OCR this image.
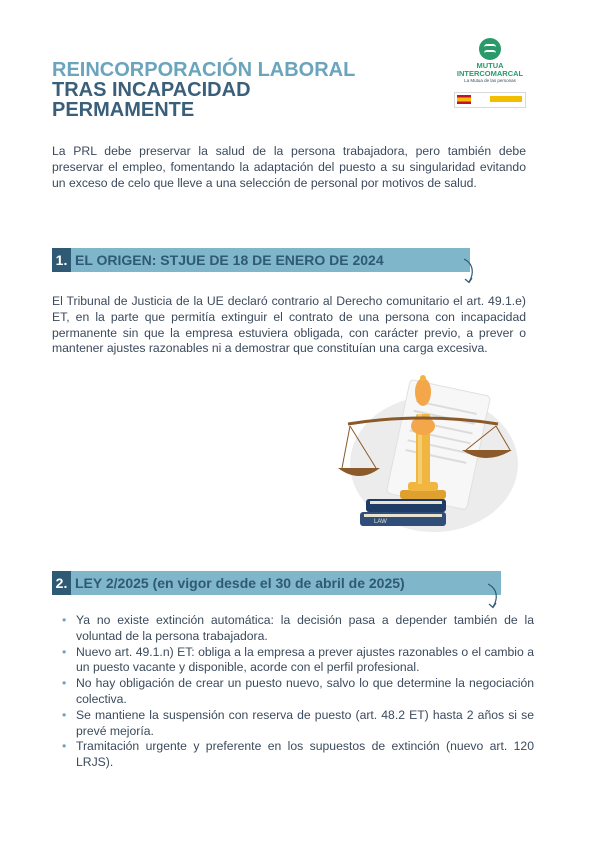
REINCORPORACIÓN LABORAL
TRAS INCAPACIDAD
PERMAMENTE
MUTUA
INTERCOMARCAL
La Mutua de las personas

La PRL debe preservar la salud de la persona trabajadora, pero también debe preservar el empleo, fomentando la adaptación del puesto a su singularidad evitando un exceso de celo que lleve a una selección de personal por motivos de salud.

1. EL ORIGEN: STJUE DE 18 DE ENERO DE 2024

El Tribunal de Justicia de la UE declaró contrario al Derecho comunitario el art. 49.1.e) ET, en la parte que permitía extinguir el contrato de una persona con incapacidad permanente sin que la empresa estuviera obligada, con carácter previo, a prever o mantener ajustes razonables ni a demostrar que constituían una carga excesiva.

LAW
2. LEY 2/2025 (en vigor desde el 30 de abril de 2025)
• Ya no existe extinción automática: la decisión pasa a depender también de la voluntad de la persona trabajadora.
• Nuevo art. 49.1.n) ET: obliga a la empresa a prever ajustes razonables o el cambio a un puesto vacante y disponible, acorde con el perfil profesional.
• No hay obligación de crear un puesto nuevo, salvo lo que determine la negociación colectiva.
• Se mantiene la suspensión con reserva de puesto (art. 48.2 ET) hasta 2 años si se prevé mejoría.
• Tramitación urgente y preferente en los supuestos de extinción (nuevo art. 120 LRJS).
